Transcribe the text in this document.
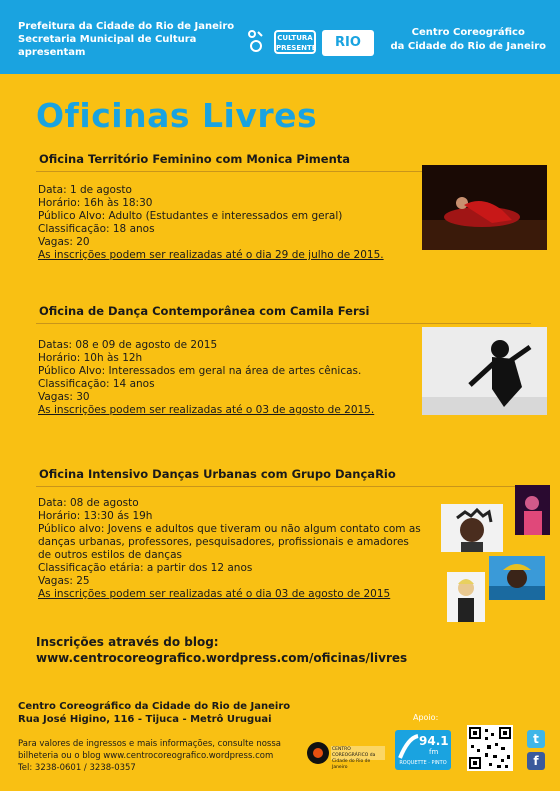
Prefeitura da Cidade do Rio de Janeiro
Secretaria Municipal de Cultura
apresentam
CULTURA PRESENTE	RIO
Centro Coreográfico
da Cidade do Rio de Janeiro
Oficinas Livres
Oficina Território Feminino com Monica Pimenta
Data: 1 de agosto
Horário: 16h às 18:30
Público Alvo: Adulto (Estudantes e interessados em geral)
Classificação: 18 anos
Vagas: 20
As inscrições podem ser realizadas até o dia 29 de julho de 2015.
Oficina de Dança Contemporânea com Camila Fersi
Datas: 08 e 09 de agosto de 2015
Horário: 10h às 12h
Público Alvo: Interessados em geral na área de artes cênicas.
Classificação: 14 anos
Vagas: 30
As inscrições podem ser realizadas até o 03 de agosto de 2015.
Oficina Intensivo Danças Urbanas com Grupo DançaRio
Data: 08 de agosto
Horário: 13:30 ás 19h
Público alvo: Jovens e adultos que tiveram ou não algum contato com as
danças urbanas, professores, pesquisadores, profissionais e amadores
de outros estilos de danças
Classificação etária: a partir dos 12 anos
Vagas: 25
As inscrições podem ser realizadas até o dia 03 de agosto de 2015
Inscrições através do blog:
www.centrocoreografico.wordpress.com/oficinas/livres
Centro Coreográfico da Cidade do Rio de Janeiro
Rua José Higino, 116 - Tijuca - Metrô Uruguai
Para valores de ingressos e mais informações, consulte nossa
bilheteria ou o blog www.centrocoreografico.wordpress.com
Tel: 3238-0601 / 3238-0357
Apoio:
CENTRO COREOGRÁFICO da Cidade do Rio de Janeiro
94.1
fm
ROQUETTE · PINTO
t
f
